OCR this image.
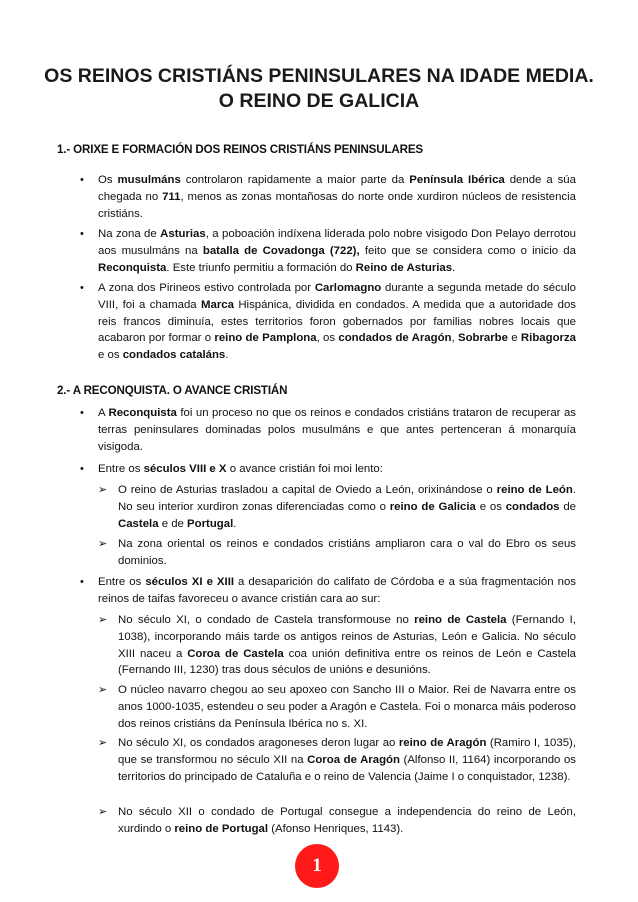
OS REINOS CRISTIÁNS PENINSULARES NA IDADE MEDIA.
O REINO DE GALICIA
1.- ORIXE E FORMACIÓN DOS REINOS CRISTIÁNS PENINSULARES
• Os musulmáns controlaron rapidamente a maior parte da Península Ibérica dende a súa chegada no 711, menos as zonas montañosas do norte onde xurdiron núcleos de resistencia cristiáns.
• Na zona de Asturias, a poboación indíxena liderada polo nobre visigodo Don Pelayo derrotou aos musulmáns na batalla de Covadonga (722), feito que se considera como o inicio da Reconquista. Este triunfo permitiu a formación do Reino de Asturias.
• A zona dos Pirineos estivo controlada por Carlomagno durante a segunda metade do século VIII, foi a chamada Marca Hispánica, dividida en condados. A medida que a autoridade dos reis francos diminuía, estes territorios foron gobernados por familias nobres locais que acabaron por formar o reino de Pamplona, os condados de Aragón, Sobrarbe e Ribagorza e os condados cataláns.
2.- A RECONQUISTA. O AVANCE CRISTIÁN
• A Reconquista foi un proceso no que os reinos e condados cristiáns trataron de recuperar as terras peninsulares dominadas polos musulmáns e que antes pertenceran á monarquía visigoda.
• Entre os séculos VIII e X o avance cristián foi moi lento:
➢ O reino de Asturias trasladou a capital de Oviedo a León, orixinándose o reino de León. No seu interior xurdiron zonas diferenciadas como o reino de Galicia e os condados de Castela e de Portugal.
➢ Na zona oriental os reinos e condados cristiáns ampliaron cara o val do Ebro os seus dominios.
• Entre os séculos XI e XIII a desaparición do califato de Córdoba e a súa fragmentación nos reinos de taifas favoreceu o avance cristián cara ao sur:
➢ No século XI, o condado de Castela transformouse no reino de Castela (Fernando I, 1038), incorporando máis tarde os antigos reinos de Asturias, León e Galicia. No século XIII naceu a Coroa de Castela coa unión definitiva entre os reinos de León e Castela (Fernando III, 1230) tras dous séculos de unións e desunións.
➢ O núcleo navarro chegou ao seu apoxeo con Sancho III o Maior. Rei de Navarra entre os anos 1000-1035, estendeu o seu poder a Aragón e Castela. Foi o monarca máis poderoso dos reinos cristiáns da Península Ibérica no s. XI.
➢ No século XI, os condados aragoneses deron lugar ao reino de Aragón (Ramiro I, 1035), que se transformou no século XII na Coroa de Aragón (Alfonso II, 1164) incorporando os territorios do principado de Cataluña e o reino de Valencia (Jaime I o conquistador, 1238).
➢ No século XII o condado de Portugal consegue a independencia do reino de León, xurdindo o reino de Portugal (Afonso Henriques, 1143).
1
